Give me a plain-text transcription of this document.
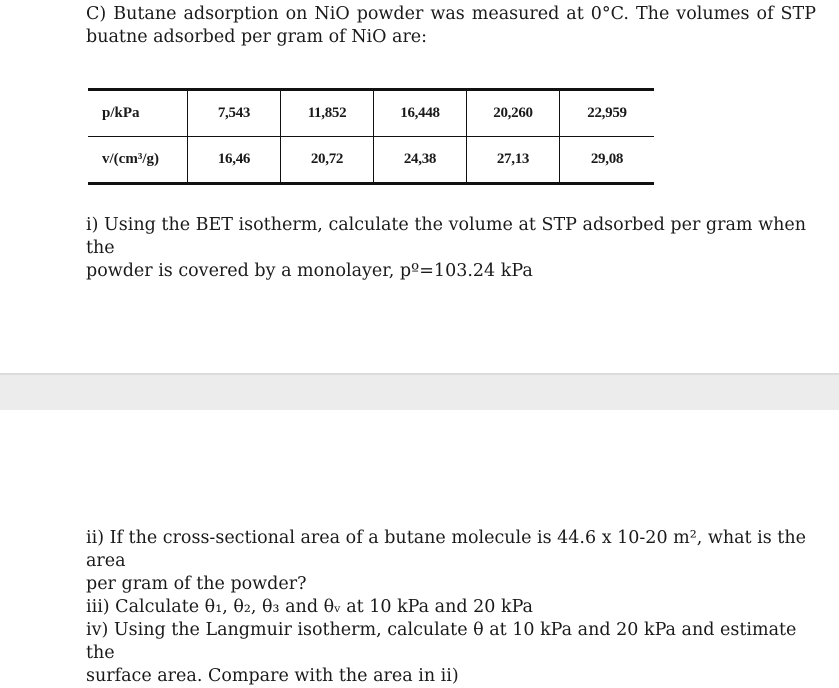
C) Butane adsorption on NiO powder was measured at 0°C. The volumes of STP
buatne adsorbed per gram of NiO are:

p/kPa	7,543	11,852	16,448	20,260	22,959
v/(cm³/g)	16,46	20,72	24,38	27,13	29,08

i) Using the BET isotherm, calculate the volume at STP adsorbed per gram when the
powder is covered by a monolayer, pº=103.24 kPa

ii) If the cross-sectional area of a butane molecule is 44.6 x 10-20 m², what is the area
per gram of the powder?
iii) Calculate θ₁, θ₂, θ₃ and θᵥ at 10 kPa and 20 kPa
iv) Using the Langmuir isotherm, calculate θ at 10 kPa and 20 kPa and estimate the
surface area. Compare with the area in ii)
